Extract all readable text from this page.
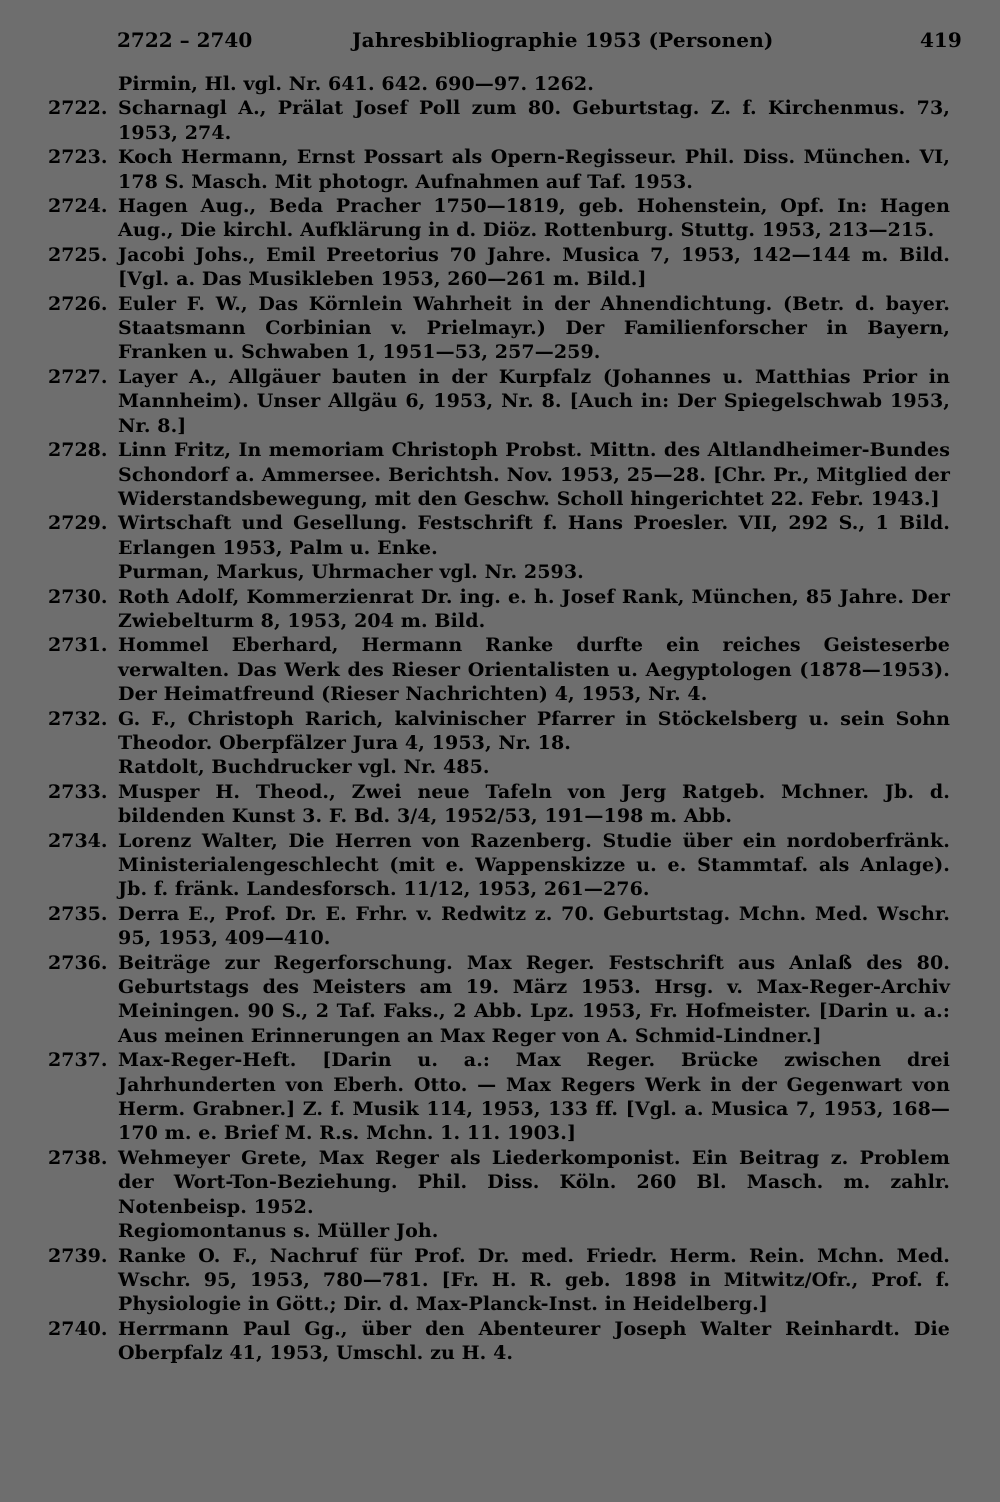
2722 – 2740	Jahresbibliographie 1953 (Personen)	419
Pirmin, Hl. vgl. Nr. 641. 642. 690—97. 1262.
2722. Scharnagl A., Prälat Josef Poll zum 80. Geburtstag. Z. f. Kirchenmus. 73, 1953, 274.
2723. Koch Hermann, Ernst Possart als Opern-Regisseur. Phil. Diss. München. VI, 178 S. Masch. Mit photogr. Aufnahmen auf Taf. 1953.
2724. Hagen Aug., Beda Pracher 1750—1819, geb. Hohenstein, Opf. In: Hagen Aug., Die kirchl. Aufklärung in d. Diöz. Rottenburg. Stuttg. 1953, 213—215.
2725. Jacobi Johs., Emil Preetorius 70 Jahre. Musica 7, 1953, 142—144 m. Bild. [Vgl. a. Das Musikleben 1953, 260—261 m. Bild.]
2726. Euler F. W., Das Körnlein Wahrheit in der Ahnendichtung. (Betr. d. bayer. Staatsmann Corbinian v. Prielmayr.) Der Familienforscher in Bayern, Franken u. Schwaben 1, 1951—53, 257—259.
2727. Layer A., Allgäuer bauten in der Kurpfalz (Johannes u. Matthias Prior in Mannheim). Unser Allgäu 6, 1953, Nr. 8. [Auch in: Der Spiegelschwab 1953, Nr. 8.]
2728. Linn Fritz, In memoriam Christoph Probst. Mittn. des Altlandheimer-Bundes Schondorf a. Ammersee. Berichtsh. Nov. 1953, 25—28. [Chr. Pr., Mitglied der Widerstandsbewegung, mit den Geschw. Scholl hingerichtet 22. Febr. 1943.]
2729. Wirtschaft und Gesellung. Festschrift f. Hans Proesler. VII, 292 S., 1 Bild. Erlangen 1953, Palm u. Enke.
Purman, Markus, Uhrmacher vgl. Nr. 2593.
2730. Roth Adolf, Kommerzienrat Dr. ing. e. h. Josef Rank, München, 85 Jahre. Der Zwiebelturm 8, 1953, 204 m. Bild.
2731. Hommel Eberhard, Hermann Ranke durfte ein reiches Geisteserbe verwalten. Das Werk des Rieser Orientalisten u. Aegyptologen (1878—1953). Der Heimatfreund (Rieser Nachrichten) 4, 1953, Nr. 4.
2732. G. F., Christoph Rarich, kalvinischer Pfarrer in Stöckelsberg u. sein Sohn Theodor. Oberpfälzer Jura 4, 1953, Nr. 18.
Ratdolt, Buchdrucker vgl. Nr. 485.
2733. Musper H. Theod., Zwei neue Tafeln von Jerg Ratgeb. Mchner. Jb. d. bildenden Kunst 3. F. Bd. 3/4, 1952/53, 191—198 m. Abb.
2734. Lorenz Walter, Die Herren von Razenberg. Studie über ein nordoberfränk. Ministerialengeschlecht (mit e. Wappenskizze u. e. Stammtaf. als Anlage). Jb. f. fränk. Landesforsch. 11/12, 1953, 261—276.
2735. Derra E., Prof. Dr. E. Frhr. v. Redwitz z. 70. Geburtstag. Mchn. Med. Wschr. 95, 1953, 409—410.
2736. Beiträge zur Regerforschung. Max Reger. Festschrift aus Anlaß des 80. Geburtstags des Meisters am 19. März 1953. Hrsg. v. Max-Reger-Archiv Meiningen. 90 S., 2 Taf. Faks., 2 Abb. Lpz. 1953, Fr. Hofmeister. [Darin u. a.: Aus meinen Erinnerungen an Max Reger von A. Schmid-Lindner.]
2737. Max-Reger-Heft. [Darin u. a.: Max Reger. Brücke zwischen drei Jahrhunderten von Eberh. Otto. — Max Regers Werk in der Gegenwart von Herm. Grabner.] Z. f. Musik 114, 1953, 133 ff. [Vgl. a. Musica 7, 1953, 168—170 m. e. Brief M. R.s. Mchn. 1. 11. 1903.]
2738. Wehmeyer Grete, Max Reger als Liederkomponist. Ein Beitrag z. Problem der Wort-Ton-Beziehung. Phil. Diss. Köln. 260 Bl. Masch. m. zahlr. Notenbeisp. 1952.
Regiomontanus s. Müller Joh.
2739. Ranke O. F., Nachruf für Prof. Dr. med. Friedr. Herm. Rein. Mchn. Med. Wschr. 95, 1953, 780—781. [Fr. H. R. geb. 1898 in Mitwitz/Ofr., Prof. f. Physiologie in Gött.; Dir. d. Max-Planck-Inst. in Heidelberg.]
2740. Herrmann Paul Gg., über den Abenteurer Joseph Walter Reinhardt. Die Oberpfalz 41, 1953, Umschl. zu H. 4.
